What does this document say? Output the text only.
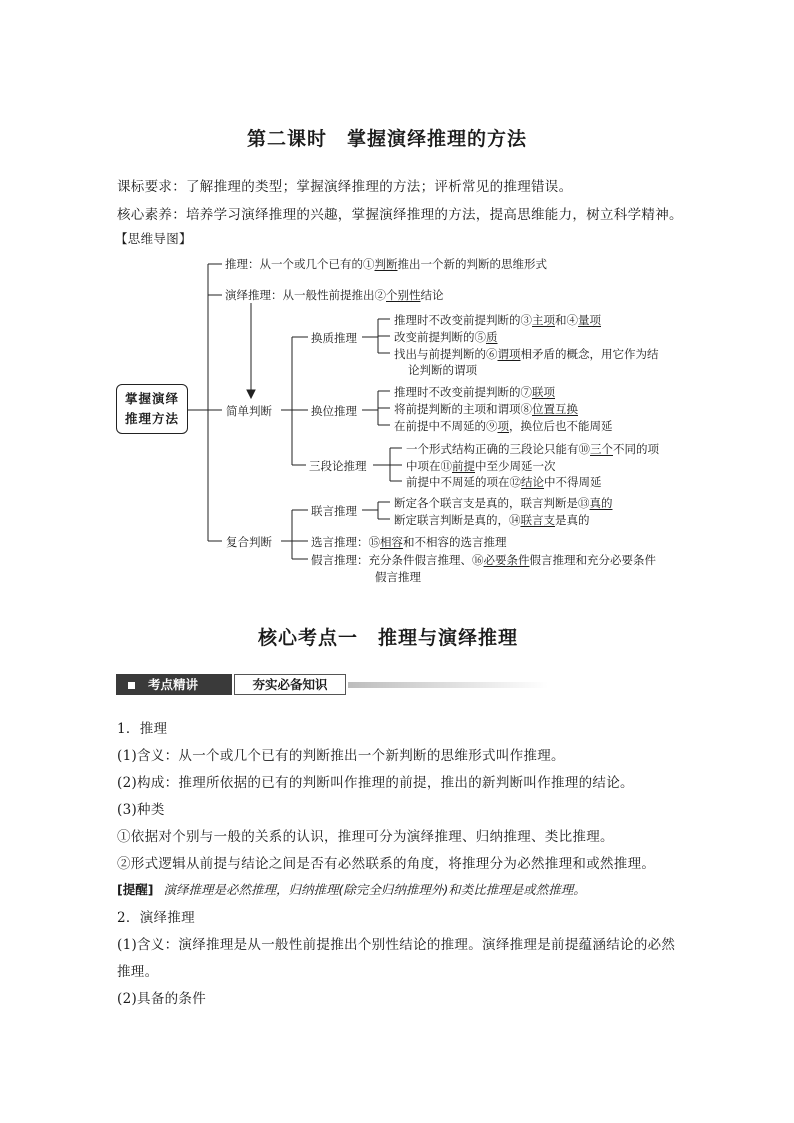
第二课时　掌握演绎推理的方法
课标要求：了解推理的类型；掌握演绎推理的方法；评析常见的推理错误。
核心素养：培养学习演绎推理的兴趣，掌握演绎推理的方法，提高思维能力，树立科学精神。
【思维导图】
掌握演绎
推理方法
推理：从一个或几个已有的①判断推出一个新的判断的思维形式
演绎推理：从一般性前提推出②个别性结论
简单判断
复合判断
换质推理
推理时不改变前提判断的③主项和④量项
改变前提判断的⑤质
找出与前提判断的⑥谓项相矛盾的概念，用它作为结
论判断的谓项
换位推理
推理时不改变前提判断的⑦联项
将前提判断的主项和谓项⑧位置互换
在前提中不周延的⑨项，换位后也不能周延
三段论推理
一个形式结构正确的三段论只能有⑩三个不同的项
中项在⑪前提中至少周延一次
前提中不周延的项在⑫结论中不得周延
联言推理
断定各个联言支是真的，联言判断是⑬真的
断定联言判断是真的，⑭联言支是真的
选言推理：⑮相容和不相容的选言推理
假言推理：充分条件假言推理、⑯必要条件假言推理和充分必要条件
假言推理
核心考点一　推理与演绎推理
考点精讲	夯实必备知识
1．推理
(1)含义：从一个或几个已有的判断推出一个新判断的思维形式叫作推理。
(2)构成：推理所依据的已有的判断叫作推理的前提，推出的新判断叫作推理的结论。
(3)种类
①依据对个别与一般的关系的认识，推理可分为演绎推理、归纳推理、类比推理。
②形式逻辑从前提与结论之间是否有必然联系的角度，将推理分为必然推理和或然推理。
[提醒] 演绎推理是必然推理，归纳推理(除完全归纳推理外)和类比推理是或然推理。
2．演绎推理
(1)含义：演绎推理是从一般性前提推出个别性结论的推理。演绎推理是前提蕴涵结论的必然
推理。
(2)具备的条件
